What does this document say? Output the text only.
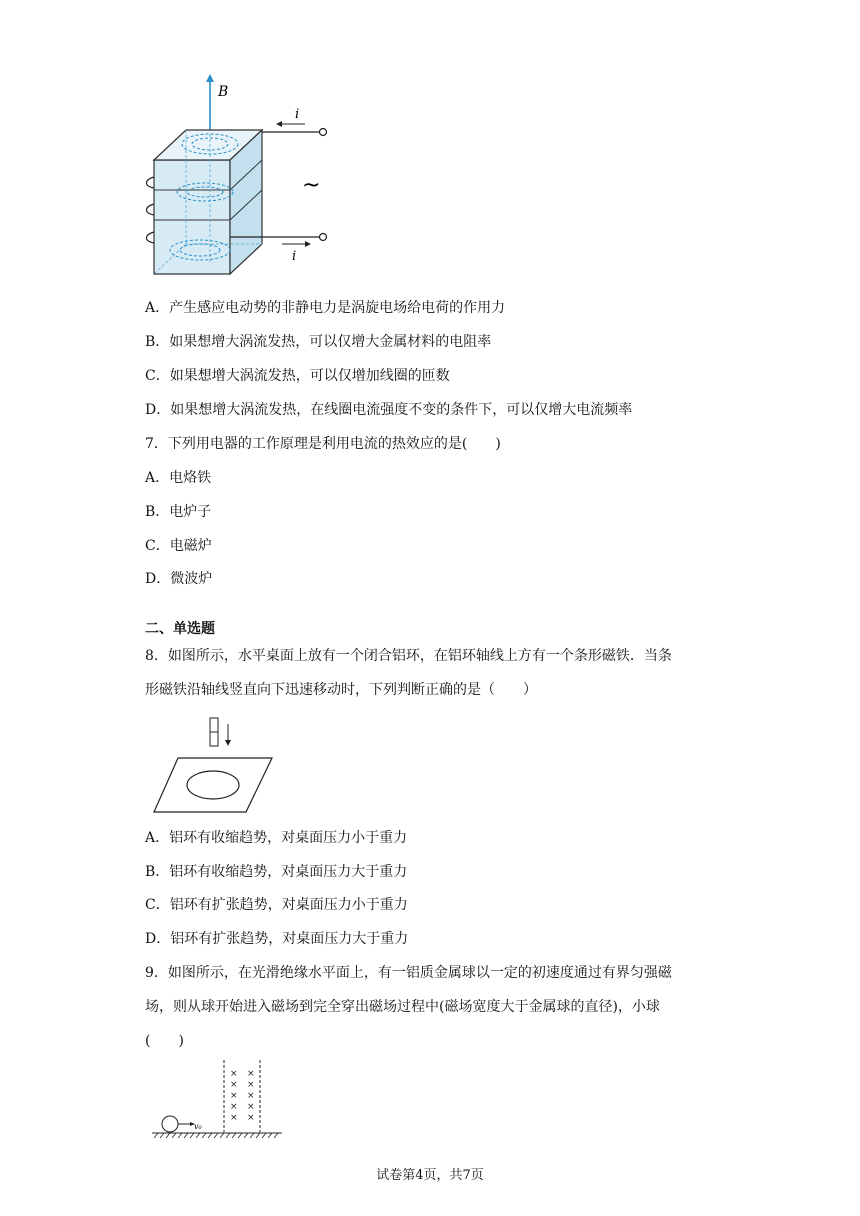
B
i
i
~
A．产生感应电动势的非静电力是涡旋电场给电荷的作用力
B．如果想增大涡流发热，可以仅增大金属材料的电阻率
C．如果想增大涡流发热，可以仅增加线圈的匝数
D．如果想增大涡流发热，在线圈电流强度不变的条件下，可以仅增大电流频率
7．下列用电器的工作原理是利用电流的热效应的是(　　)
A．电烙铁
B．电炉子
C．电磁炉
D．微波炉
二、单选题
8．如图所示，水平桌面上放有一个闭合铝环，在铝环轴线上方有一个条形磁铁．当条
形磁铁沿轴线竖直向下迅速移动时，下列判断正确的是（　　）
A．铝环有收缩趋势，对桌面压力小于重力
B．铝环有收缩趋势，对桌面压力大于重力
C．铝环有扩张趋势，对桌面压力小于重力
D．铝环有扩张趋势，对桌面压力大于重力
9．如图所示，在光滑绝缘水平面上，有一铝质金属球以一定的初速度通过有界匀强磁
场，则从球开始进入磁场到完全穿出磁场过程中(磁场宽度大于金属球的直径)，小球
(　　)
× ×
× ×
× ×
× ×
× ×
v₀
试卷第4页，共7页
